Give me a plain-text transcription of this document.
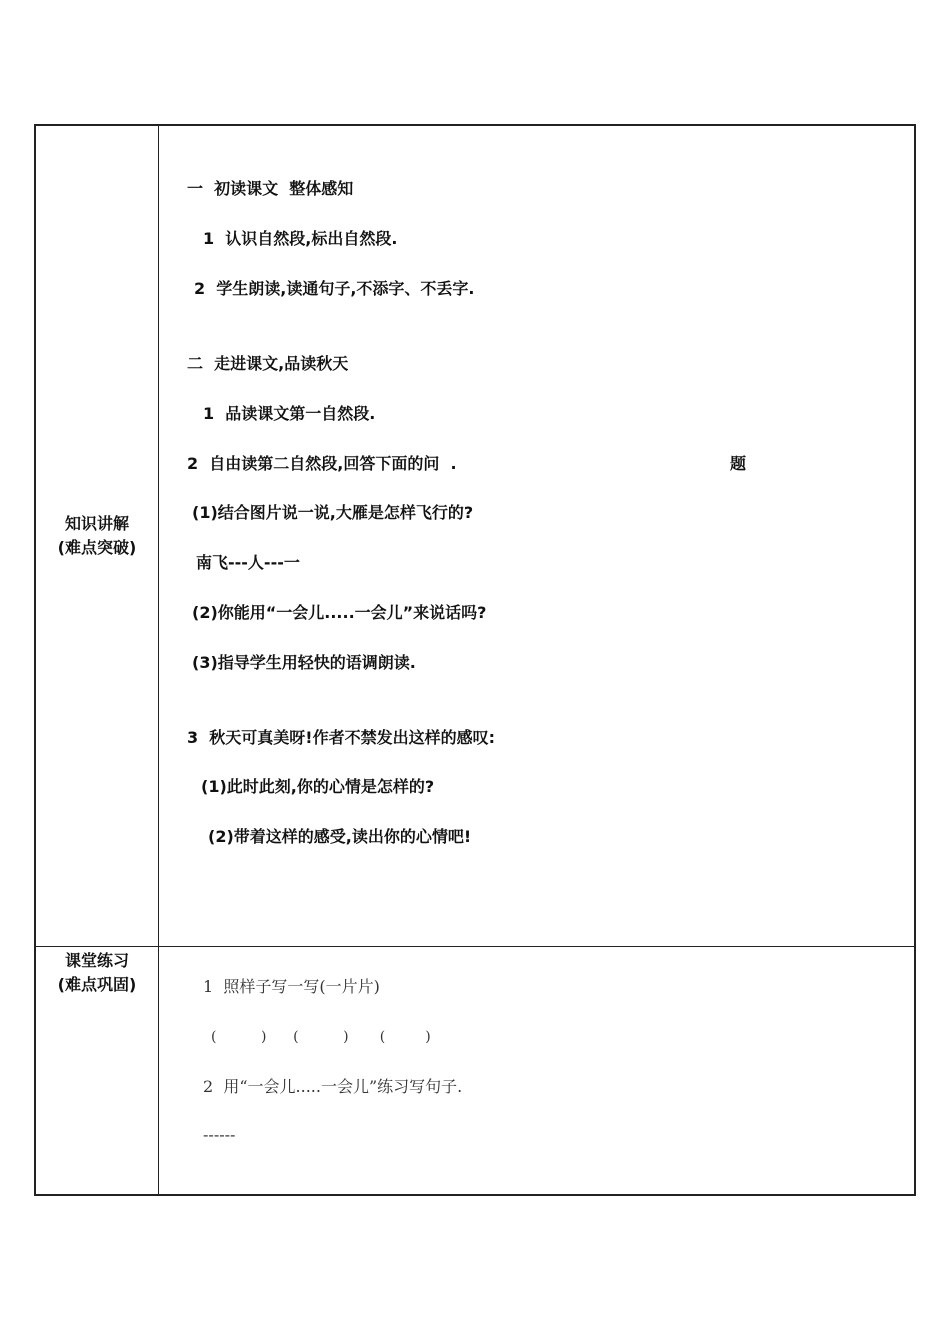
知识讲解
(难点突破)
课堂练习
(难点巩固)
一  初读课文  整体感知
1  认识自然段,标出自然段.
2  学生朗读,读通句子,不添字、不丢字.
二  走进课文,品读秋天
1  品读课文第一自然段.
2  自由读第二自然段,回答下面的问  .	题
(1)结合图片说一说,大雁是怎样飞行的?
南飞---人---一
(2)你能用“一会儿.....一会儿”来说话吗?
(3)指导学生用轻快的语调朗读.
3  秋天可真美呀!作者不禁发出这样的感叹:
(1)此时此刻,你的心情是怎样的?
(2)带着这样的感受,读出你的心情吧!
1  照样子写一写(一片片)
(          )      (          )       (         )
2  用“一会儿.....一会儿”练习写句子.
------
